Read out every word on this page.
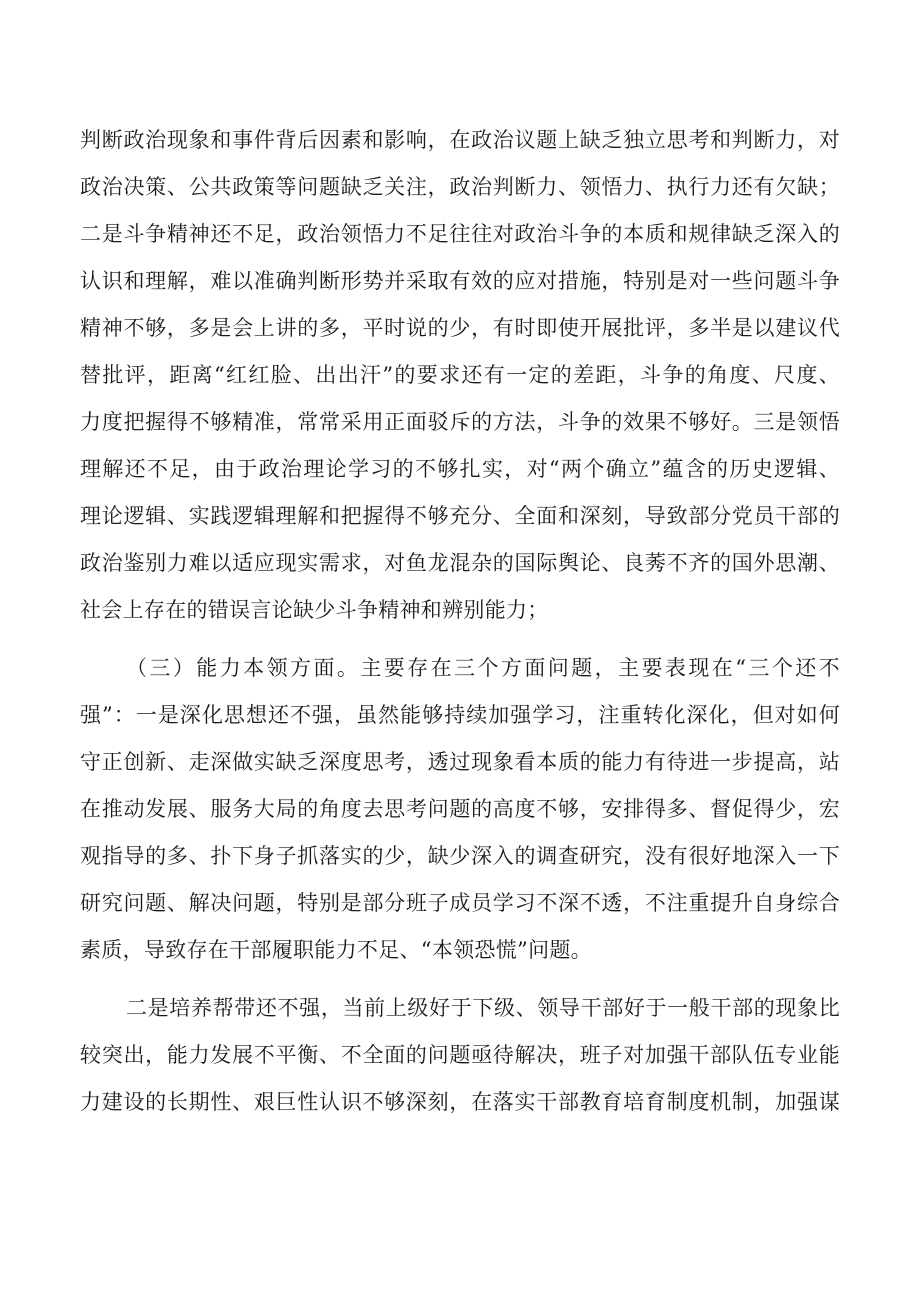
判断政治现象和事件背后因素和影响，在政治议题上缺乏独立思考和判断力，对
政治决策、公共政策等问题缺乏关注，政治判断力、领悟力、执行力还有欠缺；
二是斗争精神还不足，政治领悟力不足往往对政治斗争的本质和规律缺乏深入的
认识和理解，难以准确判断形势并采取有效的应对措施，特别是对一些问题斗争
精神不够，多是会上讲的多，平时说的少，有时即使开展批评，多半是以建议代
替批评，距离“红红脸、出出汗”的要求还有一定的差距，斗争的角度、尺度、
力度把握得不够精准，常常采用正面驳斥的方法，斗争的效果不够好。三是领悟
理解还不足，由于政治理论学习的不够扎实，对“两个确立”蕴含的历史逻辑、
理论逻辑、实践逻辑理解和把握得不够充分、全面和深刻，导致部分党员干部的
政治鉴别力难以适应现实需求，对鱼龙混杂的国际舆论、良莠不齐的国外思潮、
社会上存在的错误言论缺少斗争精神和辨别能力；
（三）能力本领方面。主要存在三个方面问题，主要表现在“三个还不
强”：一是深化思想还不强，虽然能够持续加强学习，注重转化深化，但对如何
守正创新、走深做实缺乏深度思考，透过现象看本质的能力有待进一步提高，站
在推动发展、服务大局的角度去思考问题的高度不够，安排得多、督促得少，宏
观指导的多、扑下身子抓落实的少，缺少深入的调查研究，没有很好地深入一下
研究问题、解决问题，特别是部分班子成员学习不深不透，不注重提升自身综合
素质，导致存在干部履职能力不足、“本领恐慌”问题。
二是培养帮带还不强，当前上级好于下级、领导干部好于一般干部的现象比
较突出，能力发展不平衡、不全面的问题亟待解决，班子对加强干部队伍专业能
力建设的长期性、艰巨性认识不够深刻，在落实干部教育培育制度机制，加强谋
